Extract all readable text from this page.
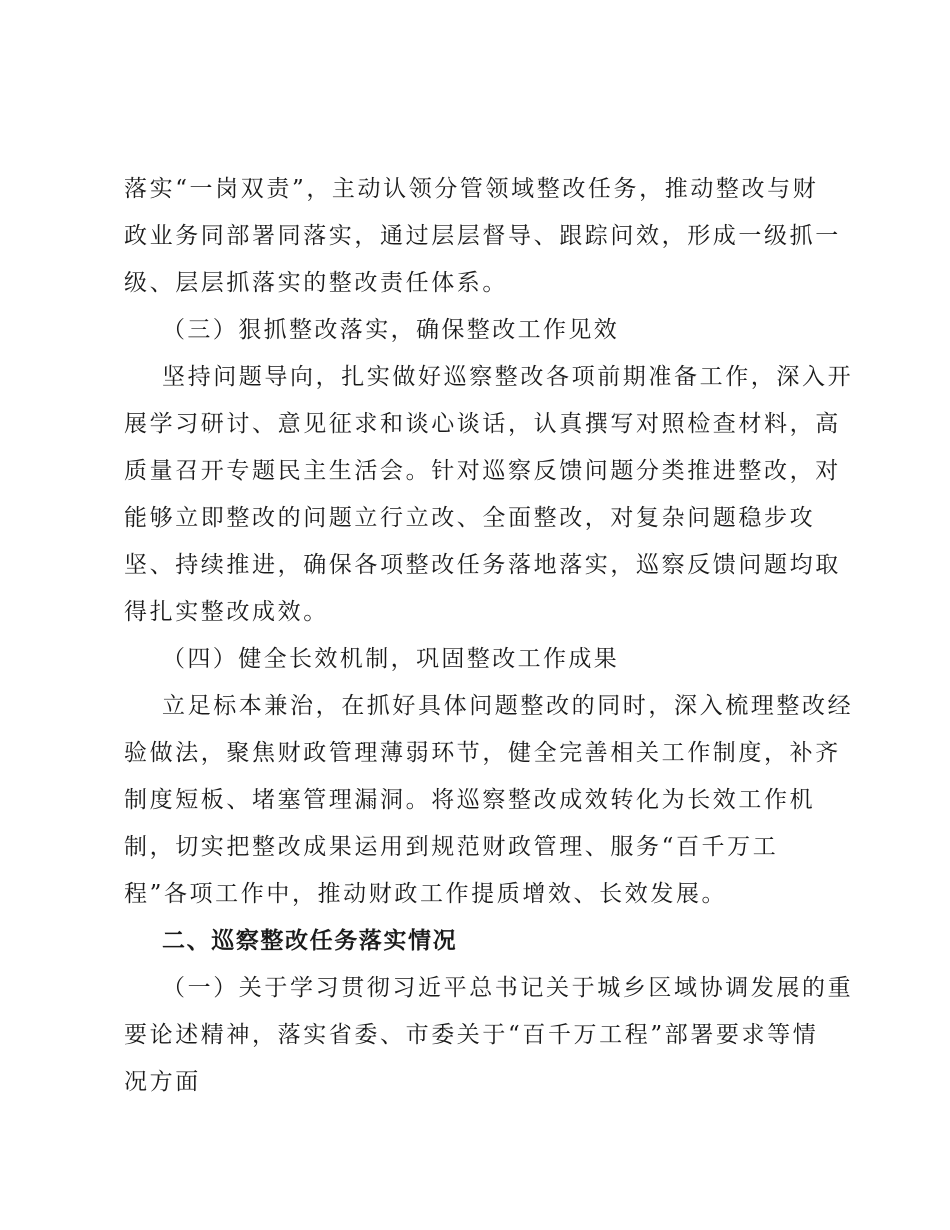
落实“一岗双责”，主动认领分管领域整改任务，推动整改与财
政业务同部署同落实，通过层层督导、跟踪问效，形成一级抓一
级、层层抓落实的整改责任体系。
（三）狠抓整改落实，确保整改工作见效
坚持问题导向，扎实做好巡察整改各项前期准备工作，深入开
展学习研讨、意见征求和谈心谈话，认真撰写对照检查材料，高
质量召开专题民主生活会。针对巡察反馈问题分类推进整改，对
能够立即整改的问题立行立改、全面整改，对复杂问题稳步攻
坚、持续推进，确保各项整改任务落地落实，巡察反馈问题均取
得扎实整改成效。
（四）健全长效机制，巩固整改工作成果
立足标本兼治，在抓好具体问题整改的同时，深入梳理整改经
验做法，聚焦财政管理薄弱环节，健全完善相关工作制度，补齐
制度短板、堵塞管理漏洞。将巡察整改成效转化为长效工作机
制，切实把整改成果运用到规范财政管理、服务“百千万工
程”各项工作中，推动财政工作提质增效、长效发展。
二、巡察整改任务落实情况
（一）关于学习贯彻习近平总书记关于城乡区域协调发展的重
要论述精神，落实省委、市委关于“百千万工程”部署要求等情
况方面
